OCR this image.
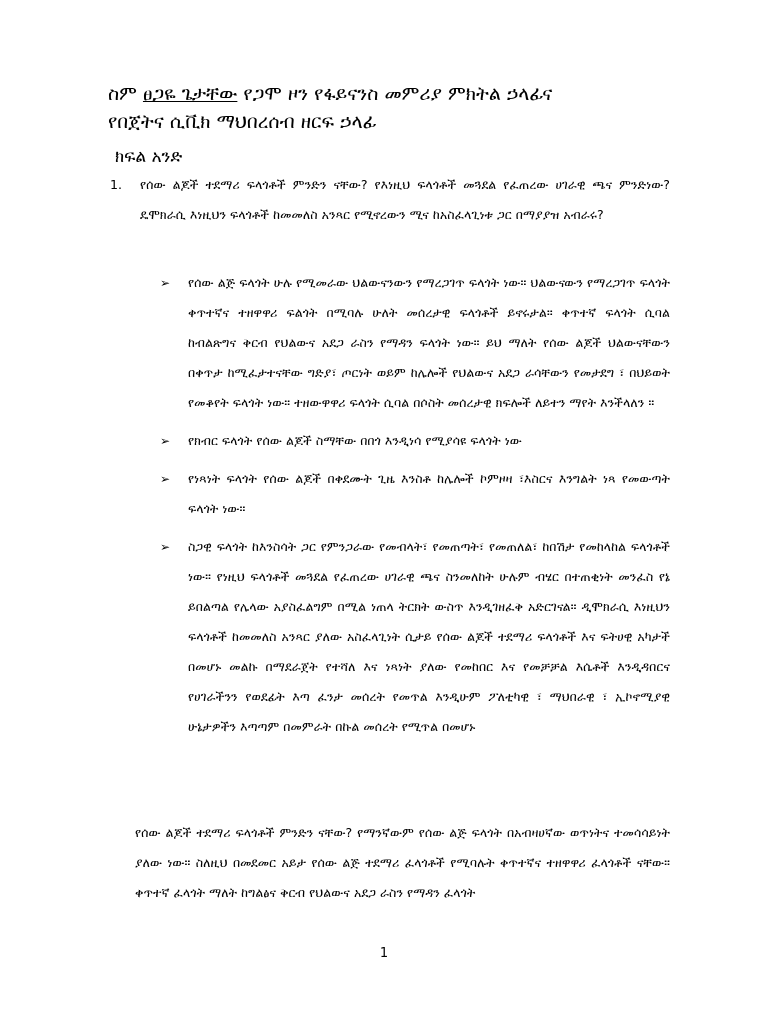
ስም ፀጋዬ ጌታቸው የጋሞ ዞን የፋይናንስ መምሪያ ምክትል ኃላፊና
የበጀትና ሲቪክ ማህበረሰብ ዘርፍ ኃላፊ
ክፍል አንድ
1. የሰው ልጆች ተደማሪ ፍላጎቶች ምንድን ናቸው? የእነዚህ ፍላጎቶች መጓደል የፈጠረው ሀገራዊ ጫና ምንድነው? ዴሞክራሲ እነዚህን ፍላጎቶች ከመመለስ አንጻር የሚኖረውን ሚና ከአስፈላጊነቱ ጋር በማያያዝ አብራሩ?
➢ የሰው ልጅ ፍላጎት ሁሉ የሚመራው ህልውናንውን የማረጋገጥ ፍላጎት ነው። ህልውናውን የማረጋገጥ ፍላጎት ቀጥተኛና ተዘዋዋሪ ፍልጎት በሚባሉ ሁለት መሰረታዊ ፍላጎቶች ይኖሩታል። ቀጥተኛ ፍላጎት ሲባል ከብልጽግና ቅርብ የህልውና አደጋ ራስን የማዳን ፍላጎት ነው። ይህ ማለት የሰው ልጆች ህልውናቸውን በቀጥታ ከሚፈታተናቸው ግድያ፣ ጦርነት ወይም ከሌሎች የህልውና አደጋ ራሳቸውን የመታደግ ፣ በህይወት የመቆየት ፍላጎት ነው። ተዘውዋዋሪ ፍላጎት ሲባል በሶስት መሰረታዊ ክፍሎች ለይተን ማየት እንችላለን ።
➢ የክብር ፍላጎት የሰው ልጆች ስማቸው በበጎ እንዲነሳ የሚያሳዩ ፍላጎት ነው
➢ የነጻነት ፍላጎት የሰው ልጆች በቀደሙት ጊዜ እንስቶ ከሌሎች ኮምዞዛ ፣እስርና እንግልት ነጻ የመውጣት ፍላጎት ነው።
➢ ስጋዊ ፍላጎት ከእንስሳት ጋር የምንጋራው የመብላት፣ የመጠጣት፣ የመጠለል፣ ከበሽታ የመከላከል ፍላጎቶች ነው። የነዚህ ፍላጎቶች መጓደል የፈጠረው ሀገራዊ ጫና ስንመለከት ሁሉም ብሄር በተጠቂነት መንፈስ የኔ ይበልጣል የሌላው አያስፈልግም በሚል ነጠላ ትርክት ውስጥ እንዲገዘፈቅ አድርገናል። ዲሞክራሲ እነዚህን ፍላጎቶች ከመመለስ አንጻር ያለው አስፈላጊነት ሲታይ የሰው ልጆች ተደማሪ ፍላጎቶች እና ፍትሀዊ አካታች በመሆኑ መልኩ በማደራጀት የተሻለ እና ነጻነት ያለው የመከበር እና የመቻቻል እሴቶች እንዲዳበርና የሀገራችንን የወደፊት እጣ ፈንታ መሰረት የመጥል እንዲሁም ፖለቲካዊ ፣ ማህበራዊ ፣ ኢኮኖሚያዊ ሁኔታዎችን እጣጣም በመምራት በኩል መሰረት የሚጥል በመሆኑ
የሰው ልጆች ተደማሪ ፍላጎቶች ምንድን ናቸው? የማንኛውም የሰው ልጅ ፍላጎት በአብዛሀኛው ወጥነትና ተመሳሳይነት ያለው ነው። ስለዚህ በመደመር አይታ የሰው ልጅ ተደማሪ ፈላጎቶች የሚባሉት ቀጥተኛና ተዘዋዋሪ ፈላጎቶች ናቸው። ቀጥተኛ ፈላጎት ማለት ከግልፅና ቅርብ የህልውና አደጋ ራስን የማዳን ፈላጎት
1
